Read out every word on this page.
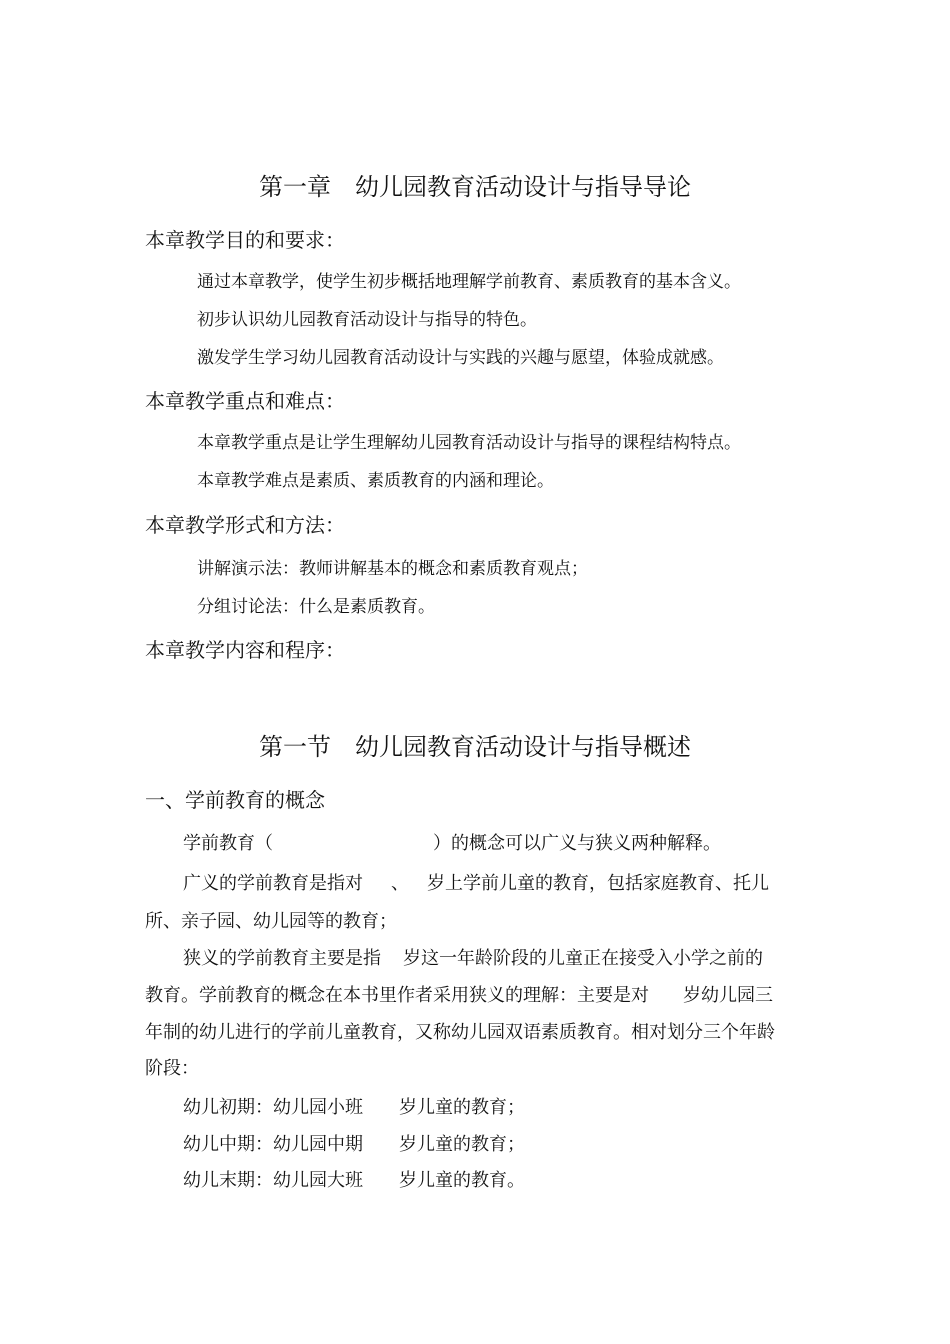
第一章　幼儿园教育活动设计与指导导论
本章教学目的和要求：
通过本章教学，使学生初步概括地理解学前教育、素质教育的基本含义。
初步认识幼儿园教育活动设计与指导的特色。
激发学生学习幼儿园教育活动设计与实践的兴趣与愿望，体验成就感。
本章教学重点和难点：
本章教学重点是让学生理解幼儿园教育活动设计与指导的课程结构特点。
本章教学难点是素质、素质教育的内涵和理论。
本章教学形式和方法：
讲解演示法：教师讲解基本的概念和素质教育观点；
分组讨论法：什么是素质教育。
本章教学内容和程序：
第一节　幼儿园教育活动设计与指导概述
一、学前教育的概念
学前教育（	）的概念可以广义与狭义两种解释。
广义的学前教育是指对 、 岁上学前儿童的教育，包括家庭教育、托儿
所、亲子园、幼儿园等的教育；
狭义的学前教育主要是指 岁这一年龄阶段的儿童正在接受入小学之前的
教育。学前教育的概念在本书里作者采用狭义的理解：主要是对 岁幼儿园三
年制的幼儿进行的学前儿童教育，又称幼儿园双语素质教育。相对划分三个年龄
阶段：
幼儿初期：幼儿园小班 岁儿童的教育；
幼儿中期：幼儿园中期 岁儿童的教育；
幼儿末期：幼儿园大班 岁儿童的教育。
